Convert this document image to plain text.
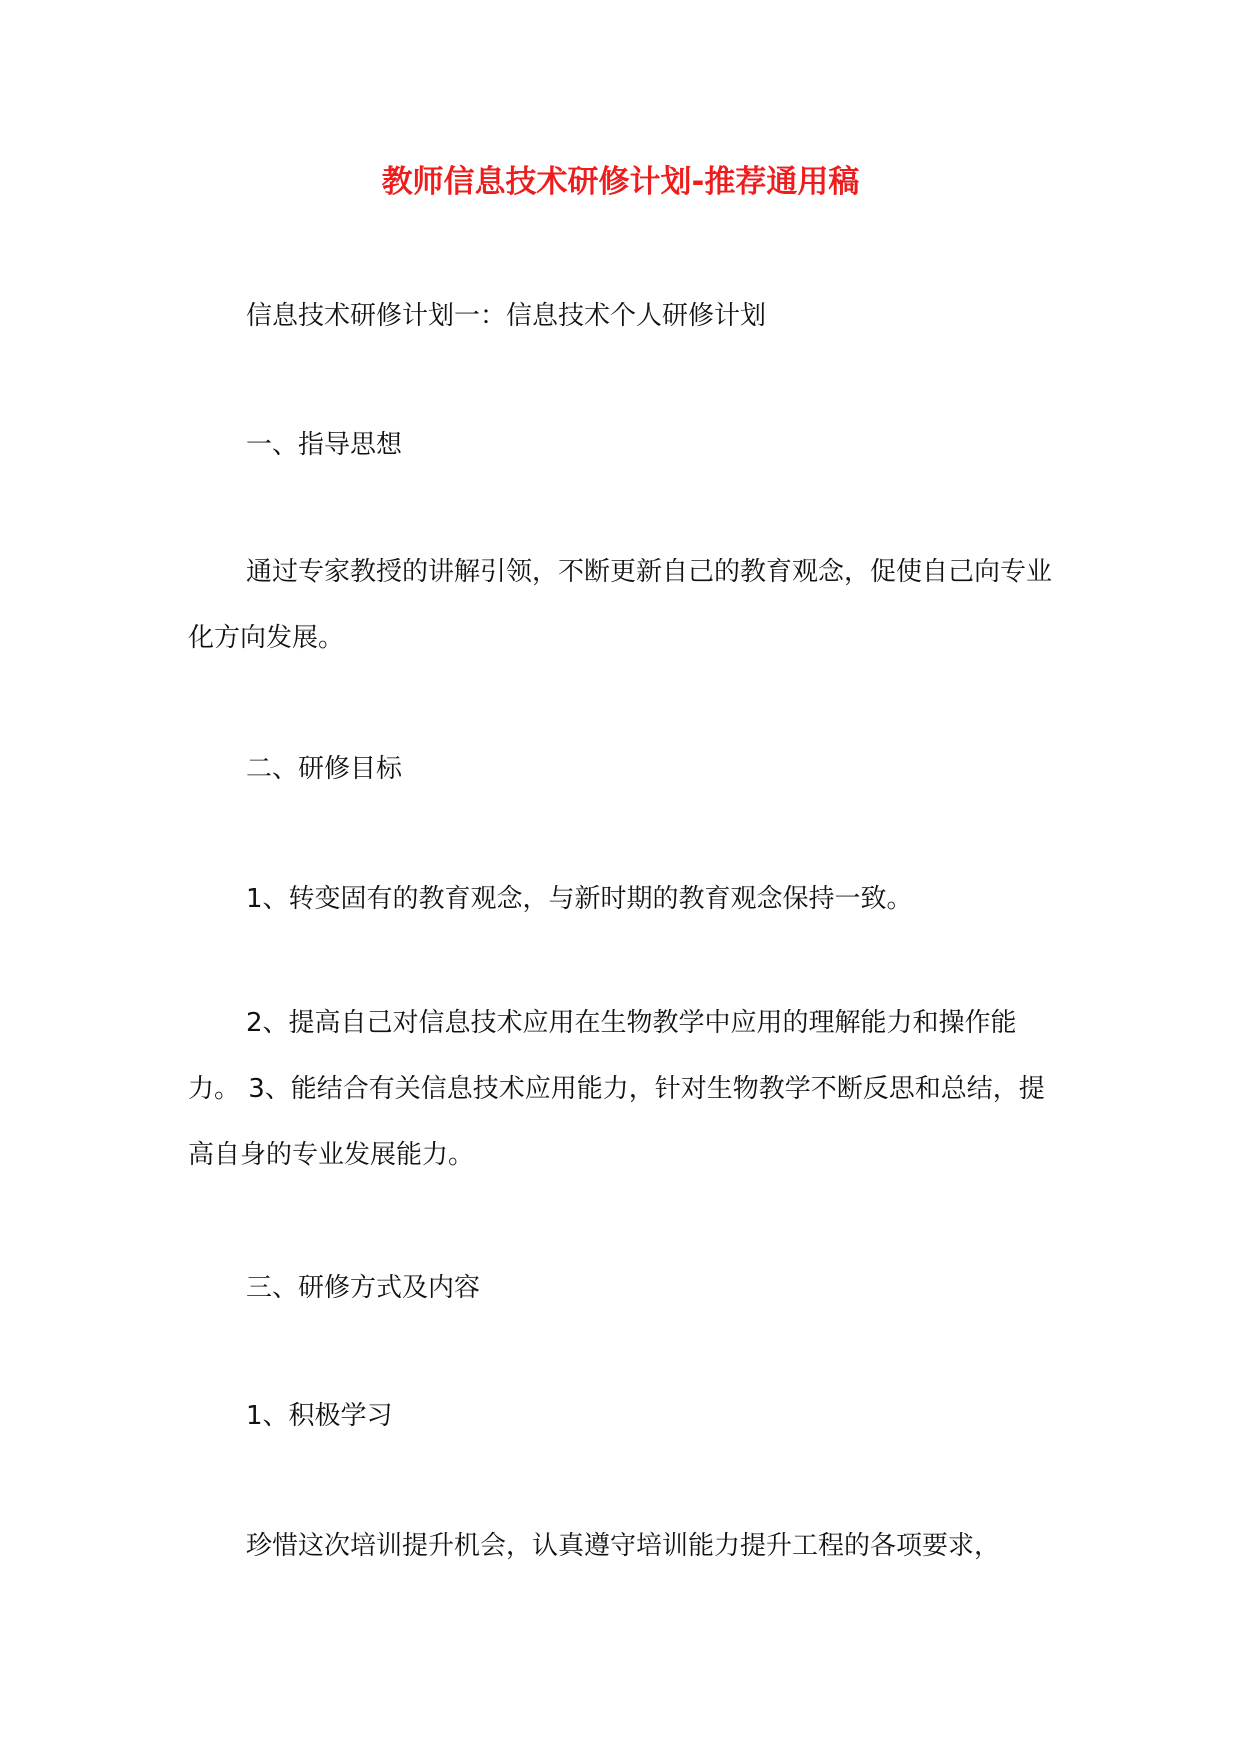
教师信息技术研修计划-推荐通用稿

信息技术研修计划一：信息技术个人研修计划

一、指导思想

通过专家教授的讲解引领，不断更新自己的教育观念，促使自己向专业化方向发展。

二、研修目标

1、转变固有的教育观念，与新时期的教育观念保持一致。

2、提高自己对信息技术应用在生物教学中应用的理解能力和操作能力。 3、能结合有关信息技术应用能力，针对生物教学不断反思和总结，提高自身的专业发展能力。

三、研修方式及内容

1、积极学习

珍惜这次培训提升机会，认真遵守培训能力提升工程的各项要求，
